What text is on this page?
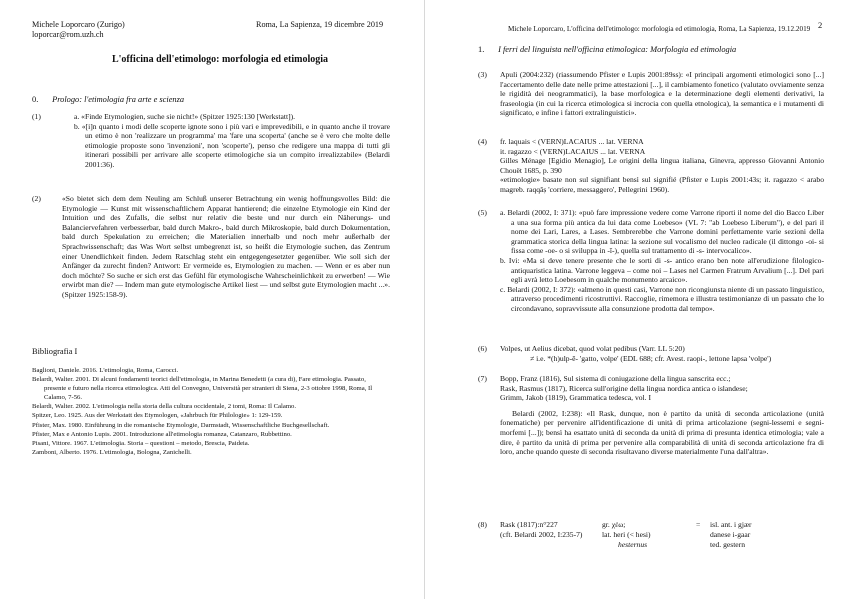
Michele Loporcaro (Zurigo)
loporcar@rom.uzh.ch
Roma, La Sapienza, 19 dicembre 2019
L'officina dell'etimologo: morfologia ed etimologia
0. Prologo: l'etimologia fra arte e scienza
(1)	a. «Finde Etymologien, suche sie nicht!» (Spitzer 1925:130 [Werkstatt]).

b. «[i]n quanto i modi delle scoperte ignote sono i più vari e imprevedibili, e in quanto anche il trovare un etimo è non 'realizzare un programma' ma 'fare una scoperta' (anche se è vero che molte delle etimologie proposte sono 'invenzioni', non 'scoperte'), penso che redigere una mappa di tutti gli itinerari possibili per arrivare alle scoperte etimologiche sia un compito irrealizzabile» (Belardi 2001:36).

(2)	«So bietet sich dem dem Neuling am Schluß unserer Betrachtung ein wenig hoffnungsvolles Bild: die Etymologie — Kunst mit wissenschaftlichem Apparat hantierend; die einzelne Etymologie ein Kind der Intuition und des Zufalls, die selbst nur relativ die beste und nur durch ein Näherungs- und Balanciervefahren verbesserbar, bald durch Makro-, bald durch Mikroskopie, bald durch Dokumentation, bald durch Spekulation zu erreichen; die Materialien innerhalb und noch mehr außerhalb der Sprachwissenschaft; das Was Wort selbst umbegrenzt ist, so heißt die Etymologie suchen, das Zentrum einer Unendlichkeit finden. Jedem Ratschlag steht ein entgegengesetzter gegenüber. Wie soll sich der Anfänger da zurecht finden? Antwort: Er vermeide es, Etymologien zu machen. — Wenn er es aber nun doch möchte? So suche er sich erst das Gefühl für etymologische Wahrscheinlichkeit zu erwerben! — Wie erwirbt man die? — Indem man gute etymologische Artikel liest — und selbst gute Etymologien macht ...». (Spitzer 1925:158-9).
Bibliografia I

Baglioni, Daniele. 2016. L'etimologia, Roma, Carocci.

Belardi, Walter. 2001. Di alcuni fondamenti teorici dell'etimologia, in Marina Benedetti (a cura di), Fare etimologia. Passato, presente e futuro nella ricerca etimologica. Atti del Convegno, Università per stranieri di Siena, 2-3 ottobre 1998, Roma, Il Calamo, 7-56.

Belardi, Walter. 2002. L'etimologia nella storia della cultura occidentale, 2 tomi, Roma: Il Calamo.

Spitzer, Leo. 1925. Aus der Werkstatt des Etymologen, «Jahrbuch für Philologie» 1: 129-159.

Pfister, Max. 1980. Einführung in die romanische Etymologie, Darmstadt, Wissenschaftliche Buchgesellschaft.

Pfister, Max e Antonio Lupis. 2001. Introduzione all'etimologia romanza, Catanzaro, Rubbettino.

Pisani, Vittore. 1967. L'etimologia. Storia – questioni – metodo, Brescia, Paideia.

Zamboni, Alberto. 1976. L'etimologia, Bologna, Zanichelli.

Michele Loporcaro, L'officina dell'etimologo: morfologia ed etimologia, Roma, La Sapienza, 19.12.2019 2
1. I ferri del linguista nell'officina etimologica: Morfologia ed etimologia
(3) Apuli (2004:232) (riassumendo Pfister e Lupis 2001:89ss): «I principali argomenti etimologici sono [...] l'accertamento delle date nelle prime attestazioni [...], il cambiamento fonetico (valutato ovviamente senza le rigidità dei neogrammatici), la base morfologica e la determinazione degli elementi derivativi, la fraseologia (in cui la ricerca etimologica si incrocia con quella etnologica), la semantica e i mutamenti di significato, e infine i fattori extralinguistici».
(4) fr. laquais < (VERN)LACAIUS ... lat. VERNA

it. ragazzo < (VERN)LACAIUS ... lat. VERNA

Gilles Ménage [Egidio Menagio], Le origini della lingua italiana, Ginevra, appresso Giovanni Antonio Chouët 1685, p. 390

«etimologie» basate non sul signifiant bensì sul signifié (Pfister e Lupis 2001:43s; it. ragazzo < arabo magreb. raqqâṣ 'corriere, messaggero', Pellegrini 1960).

(5) a. Belardi (2002, I: 371): «può fare impressione vedere come Varrone riporti il nome del dio Bacco Liber a una sua forma più antica da lui data come Loebeso» (VL 7: "ab Loebeso Liberum"), e del pari il nome dei Lari, Lares, a Lases. Sembrerebbe che Varrone dominì perfettamente varie sezioni della grammatica storica della lingua latina: la sezione sul vocalismo del nucleo radicale (il dittongo -oi- si fissa come -oe- o si sviluppa in -ī-), quella sul trattamento di -s- intervocalico».

b. Ivi: «Ma si deve tenere presente che le sorti di -s- antico erano ben note all'erudizione filologico-antiquaristica latina. Varrone leggeva – come noi – Lases nel Carmen Fratrum Arvalium [...]. Del pari egli avrà letto Loebesom in qualche monumento arcaico».

c. Belardi (2002, I: 372): «almeno in questi casi, Varrone non ricongiunsta niente di un passato linguistico, attraverso procedimenti ricostruttivi. Raccoglie, rimemora e illustra testimonianze di un passato che lo circondavano, sopravvissute alla consunzione prodotta dal tempo».

(6) Volpes, ut Aelius dicebat, quod volat pedibus (Varr. LL 5:20)

≠ i.e. *(h)ulp-ē- 'gatto, volpe' (EDL 688; cfr. Avest. raopi-, lettone lapsa 'volpe')

(7) Bopp, Franz (1816), Sul sistema di coniugazione della lingua sanscrita ecc.;

Rask, Rasmus (1817), Ricerca sull'origine della lingua nordica antica o islandese;

Grimm, Jakob (1819), Grammatica tedesca, vol. I

Belardi (2002, I:238): «Il Rask, dunque, non è partito da unità di seconda articolazione (unità fonematiche) per pervenire all'identificazione di unità di prima articolazione (segni-lessemi e segni-morfemi [...]); bensì ha esattato unità di seconda da unità di prima di presunta identica etimologia; vale a dire, è partito da unità di prima per pervenire alla comparabilità di unità di seconda articolazione fra di loro, anche quando queste di seconda risultavano diverse materialmente l'una dall'altra».

(8) Rask (1817):n°227
(cft. Belardi 2002, I:235-7)
gr. χέω;
lat. heri (< hesi)
hesternus
= isl. ant. i gjær
danese i-gaar
ted. gestern
